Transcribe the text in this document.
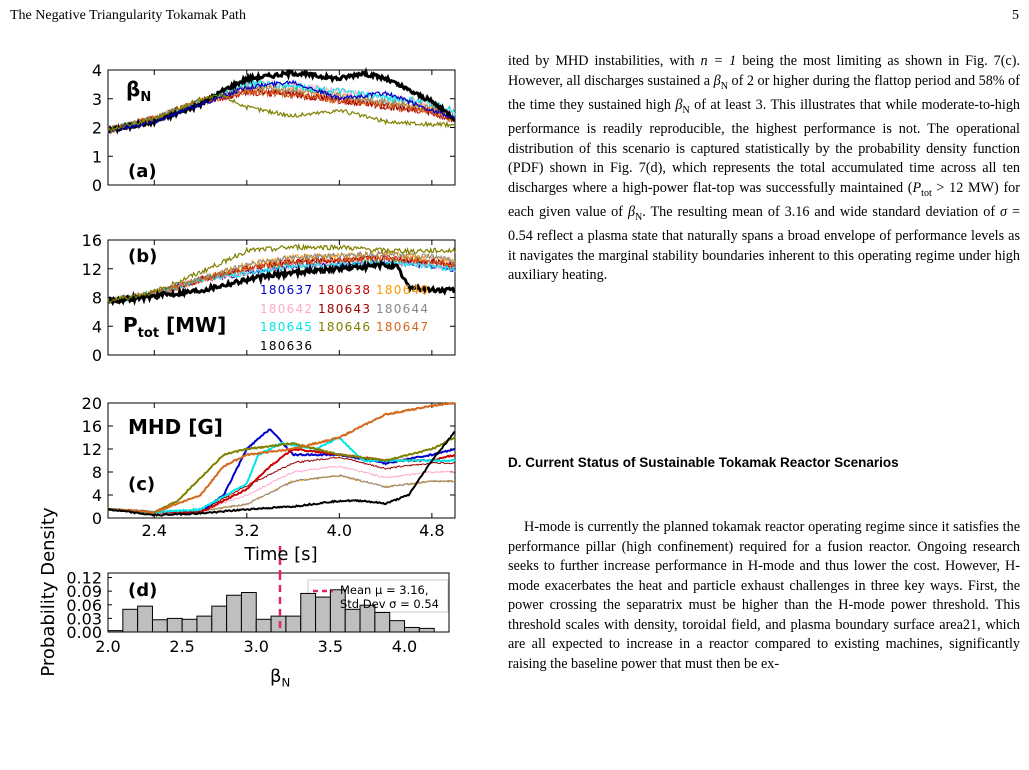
The Negative Triangularity Tokamak Path	5
0
1
2
3
4
0
4
8
12
16
0
4
8
12
16
20
$\beta_N$
(a)
(b)
$P_{tot}$ [MW]
MHD [G]
(c)
180637 180638 180640
180642 180643 180644
180645 180646 180647
180636
2.4	3.2	4.0	4.8
Time [s]
0.00
0.03
0.06
0.09
0.12
2.0	2.5	3.0	3.5	4.0
(d)	Mean μ = 3.16,
Std Dev σ = 0.54
$\beta_N$
Probability Density

ited by MHD instabilities, with n = 1 being the most limiting as shown in Fig. 7(c). However, all discharges sustained a $\beta_N$ of 2 or higher during the flattop period and 58% of the time they sustained high $\beta_N$ of at least 3. This illustrates that while moderate-to-high performance is readily reproducible, the highest performance is not. The operational distribution of this scenario is captured statistically by the probability density function (PDF) shown in Fig. 7(d), which represents the total accumulated time across all ten discharges where a high-power flat-top was successfully maintained ($P_{tot} > 12$ MW) for each given value of $\beta_N$. The resulting mean of 3.16 and wide standard deviation of σ = 0.54 reflect a plasma state that naturally spans a broad envelope of performance levels as it navigates the marginal stability boundaries inherent to this operating regime under high auxiliary heating.

D. Current Status of Sustainable Tokamak Reactor Scenarios

H-mode is currently the planned tokamak reactor operating regime since it satisfies the performance pillar (high confinement) required for a fusion reactor. Ongoing research seeks to further increase performance in H-mode and thus lower the cost. However, H-mode exacerbates the heat and particle exhaust challenges in three key ways. First, the power crossing the separatrix must be higher than the H-mode power threshold. This threshold scales with density, toroidal field, and plasma boundary surface area21, which are all expected to increase in a reactor compared to existing machines, significantly raising the baseline power that must then be ex-
